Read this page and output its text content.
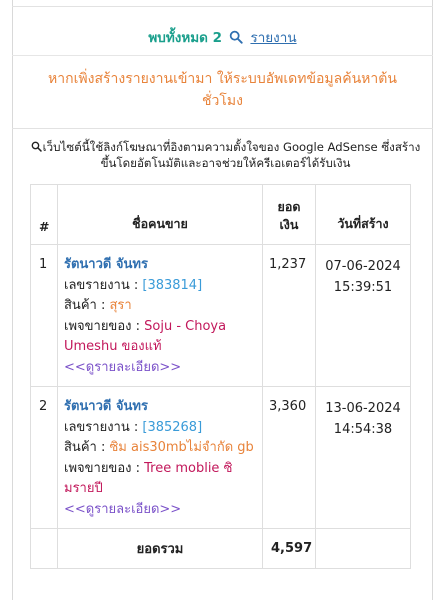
พบทั้งหมด 2 รายงาน
หากเพิ่งสร้างรายงานเข้ามา ให้ระบบอัพเดทข้อมูลค้นหาต้นชั่วโมง
เว็บไซต์นี้ใช้ลิงก์โฆษณาที่อิงตามความตั้งใจของ Google AdSense ซึ่งสร้างขึ้นโดยอัตโนมัติและอาจช่วยให้ครีเอเตอร์ได้รับเงิน
#	ชื่อคนขาย	ยอด
เงิน	วันที่สร้าง
1	รัตนาวดี จันทร
เลขรายงาน : [383814]
สินค้า : สุรา
เพจขายของ : Soju - Choya Umeshu ของแท้
<<ดูรายละเอียด>>	1,237	07-06-2024
15:39:51
2	รัตนาวดี จันทร
เลขรายงาน : [385268]
สินค้า : ซิม ais30mbไม่จำกัด gb
เพจขายของ : Tree moblie ซิมรายปี
<<ดูรายละเอียด>>	3,360	13-06-2024
14:54:38
	ยอดรวม	4,597	
